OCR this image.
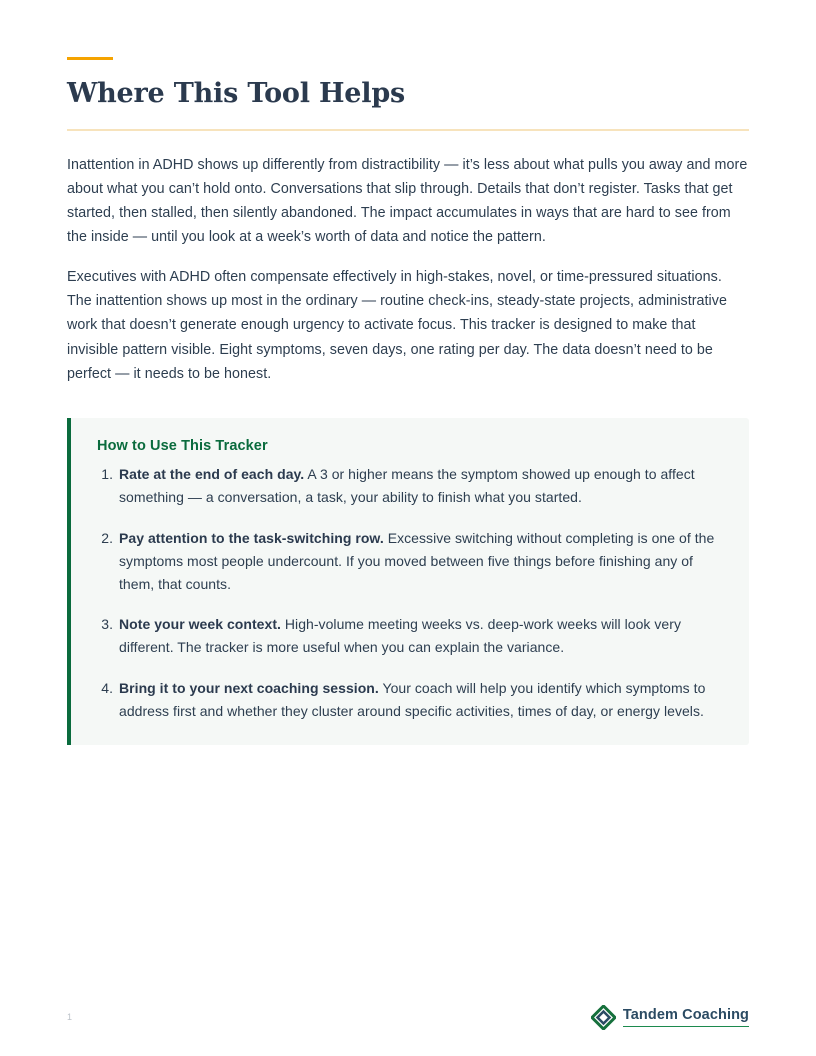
Where This Tool Helps

Inattention in ADHD shows up differently from distractibility — it’s less about what pulls you away and more about what you can’t hold onto. Conversations that slip through. Details that don’t register. Tasks that get started, then stalled, then silently abandoned. The impact accumulates in ways that are hard to see from the inside — until you look at a week’s worth of data and notice the pattern.

Executives with ADHD often compensate effectively in high-stakes, novel, or time-pressured situations. The inattention shows up most in the ordinary — routine check-ins, steady-state projects, administrative work that doesn’t generate enough urgency to activate focus. This tracker is designed to make that invisible pattern visible. Eight symptoms, seven days, one rating per day. The data doesn’t need to be perfect — it needs to be honest.

How to Use This Tracker
Rate at the end of each day. A 3 or higher means the symptom showed up enough to affect something — a conversation, a task, your ability to finish what you started.
Pay attention to the task-switching row. Excessive switching without completing is one of the symptoms most people undercount. If you moved between five things before finishing any of them, that counts.
Note your week context. High-volume meeting weeks vs. deep-work weeks will look very different. The tracker is more useful when you can explain the variance.
Bring it to your next coaching session. Your coach will help you identify which symptoms to address first and whether they cluster around specific activities, times of day, or energy levels.
1	Tandem Coaching
